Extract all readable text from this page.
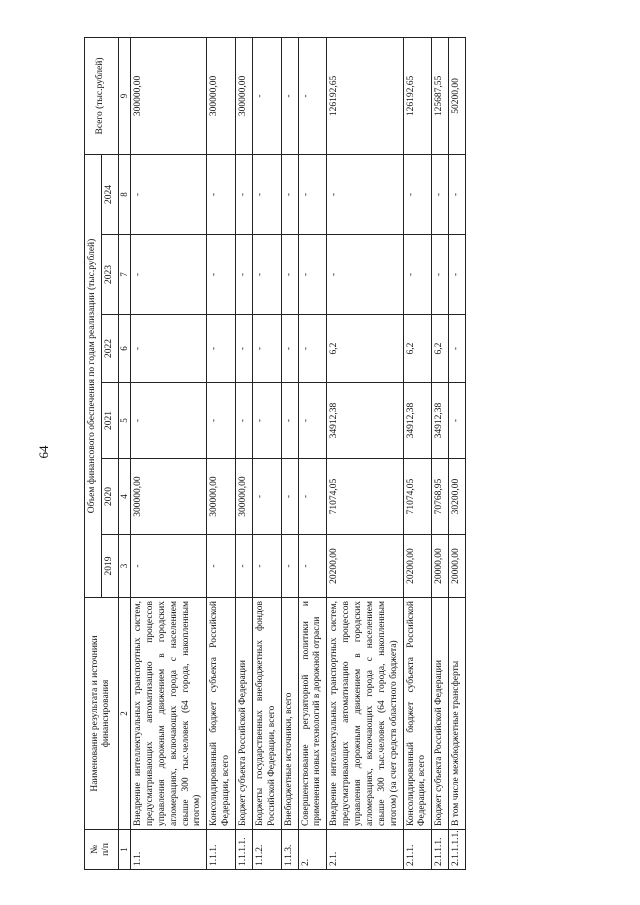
64
№ п/п	Наименование результата и источники финансирования	Объем финансового обеспечения по годам реализации (тыс.рублей)						Всего (тыс.рублей)
		2019	2020	2021	2022	2023	2024	
1	2	3	4	5	6	7	8	9
1.1.	Внедрение интеллектуальных транспортных систем, предусматривающих автоматизацию процессов управления дорожным движением в городских агломерациях, включающих города с населением свыше 300 тыс.человек (64 города, накопленным итогом)	-	300000,00	-	-	-	-	300000,00
1.1.1.	Консолидированный бюджет субъекта Российской Федерации, всего	-	300000,00	-	-	-	-	300000,00
1.1.1.1.	Бюджет субъекта Российской Федерации	-	300000,00	-	-	-	-	300000,00
1.1.2.	Бюджеты государственных внебюджетных фондов Российской Федерации, всего	-	-	-	-	-	-	-
1.1.3.	Внебюджетные источники, всего	-	-	-	-	-	-	-
2.	Совершенствование регуляторной политики и применения новых технологий в дорожной отрасли	-	-	-	-	-	-	-
2.1.	Внедрение интеллектуальных транспортных систем, предусматривающих автоматизацию процессов управления дорожным движением в городских агломерациях, включающих города с населением свыше 300 тыс.человек (64 города, накопленным итогом) (за счет средств областного бюджета)	20200,00	71074,05	34912,38	6,2	-	-	126192,65
2.1.1.	Консолидированный бюджет субъекта Российской Федерации, всего	20200,00	71074,05	34912,38	6,2	-	-	126192,65
2.1.1.1.	Бюджет субъекта Российской Федерации	20000,00	70768,95	34912,38	6,2	-	-	125687,55
2.1.1.1.1.	В том числе межбюджетные трансферты	20000,00	30200,00	-	-	-	-	50200,00
